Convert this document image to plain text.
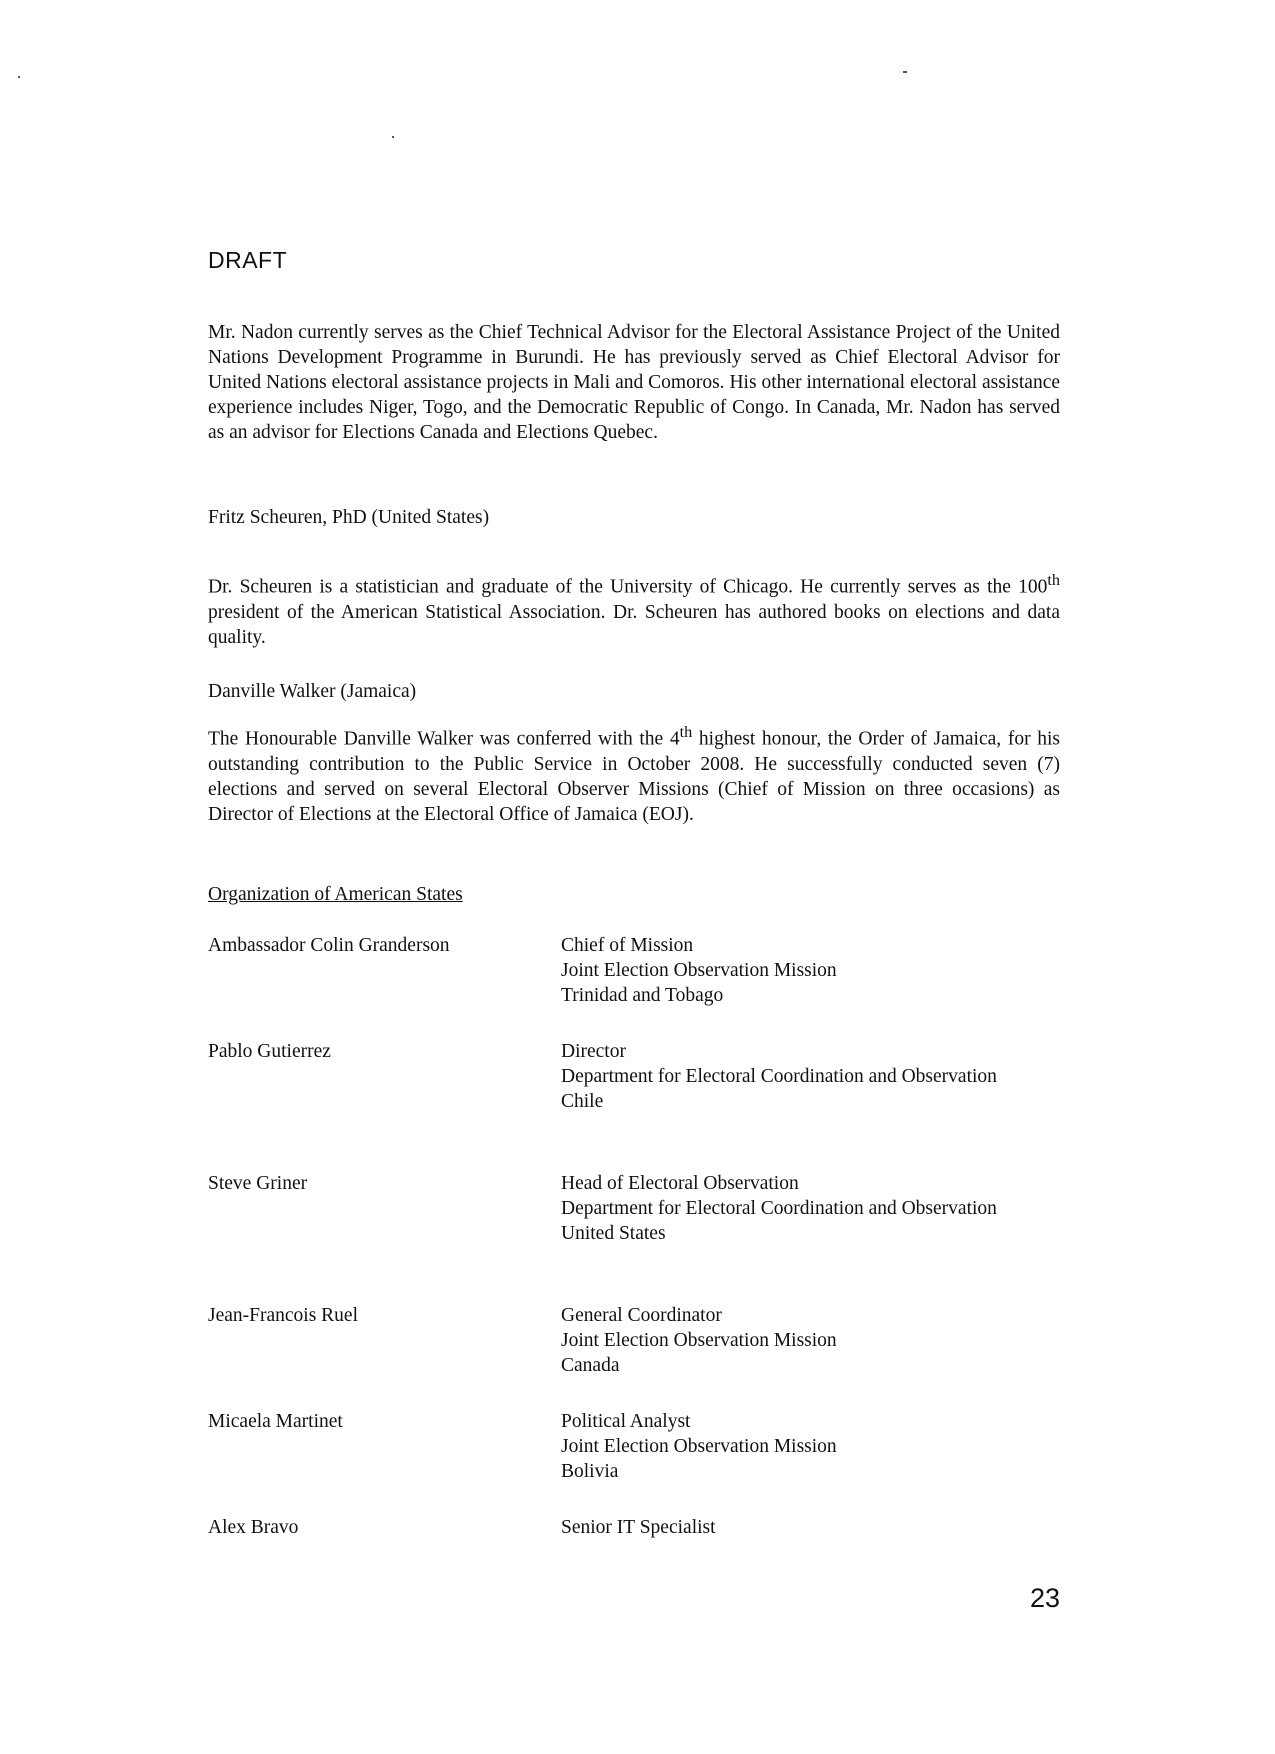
DRAFT
Mr. Nadon currently serves as the Chief Technical Advisor for the Electoral Assistance Project of the United Nations Development Programme in Burundi. He has previously served as Chief Electoral Advisor for United Nations electoral assistance projects in Mali and Comoros. His other international electoral assistance experience includes Niger, Togo, and the Democratic Republic of Congo. In Canada, Mr. Nadon has served as an advisor for Elections Canada and Elections Quebec.
Fritz Scheuren, PhD (United States)
Dr. Scheuren is a statistician and graduate of the University of Chicago. He currently serves as the 100th president of the American Statistical Association. Dr. Scheuren has authored books on elections and data quality.
Danville Walker (Jamaica)
The Honourable Danville Walker was conferred with the 4th highest honour, the Order of Jamaica, for his outstanding contribution to the Public Service in October 2008. He successfully conducted seven (7) elections and served on several Electoral Observer Missions (Chief of Mission on three occasions) as Director of Elections at the Electoral Office of Jamaica (EOJ).
Organization of American States
Ambassador Colin Granderson	Chief of Mission
Joint Election Observation Mission
Trinidad and Tobago
Pablo Gutierrez	Director
Department for Electoral Coordination and Observation
Chile
Steve Griner	Head of Electoral Observation
Department for Electoral Coordination and Observation
United States
Jean-Francois Ruel	General Coordinator
Joint Election Observation Mission
Canada
Micaela Martinet	Political Analyst
Joint Election Observation Mission
Bolivia
Alex Bravo	Senior IT Specialist
23
